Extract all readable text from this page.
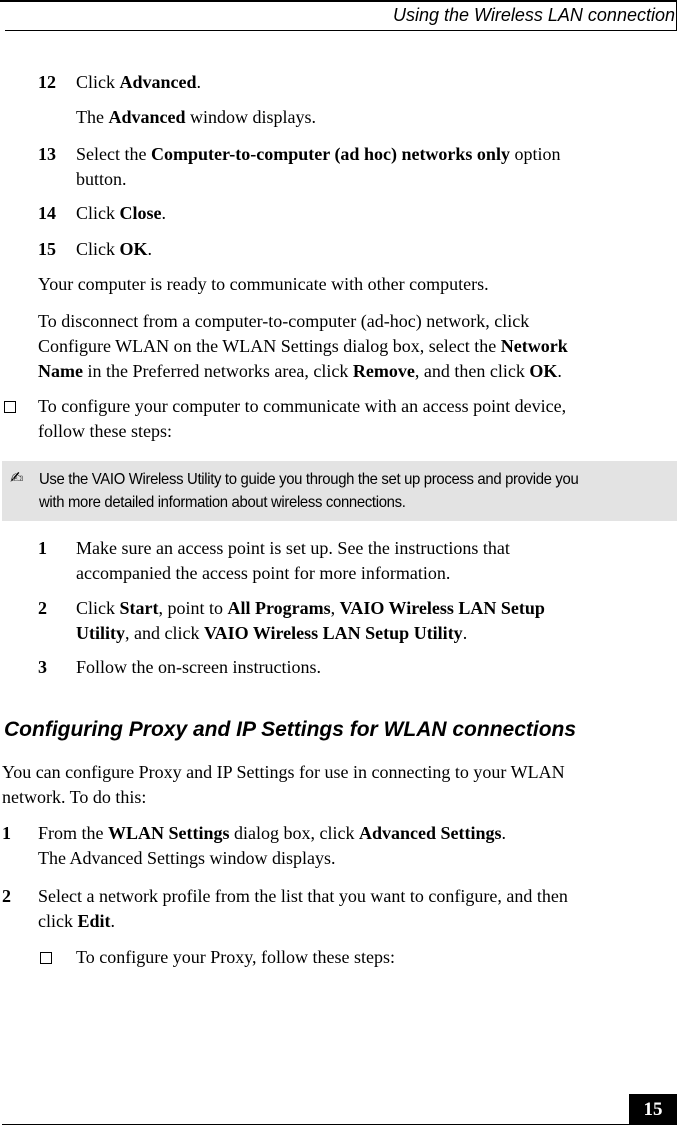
Using the Wireless LAN connection
12 Click Advanced.
The Advanced window displays.
13 Select the Computer-to-computer (ad hoc) networks only option
button.
14 Click Close.
15 Click OK.
Your computer is ready to communicate with other computers.
To disconnect from a computer-to-computer (ad-hoc) network, click
Configure WLAN on the WLAN Settings dialog box, select the Network
Name in the Preferred networks area, click Remove, and then click OK.
To configure your computer to communicate with an access point device,
follow these steps:
✍ Use the VAIO Wireless Utility to guide you through the set up process and provide you
with more detailed information about wireless connections.
1 Make sure an access point is set up. See the instructions that
accompanied the access point for more information.
2 Click Start, point to All Programs, VAIO Wireless LAN Setup
Utility, and click VAIO Wireless LAN Setup Utility.
3 Follow the on-screen instructions.
Configuring Proxy and IP Settings for WLAN connections
You can configure Proxy and IP Settings for use in connecting to your WLAN
network. To do this:
1 From the WLAN Settings dialog box, click Advanced Settings.
The Advanced Settings window displays.
2 Select a network profile from the list that you want to configure, and then
click Edit.
To configure your Proxy, follow these steps:
15
